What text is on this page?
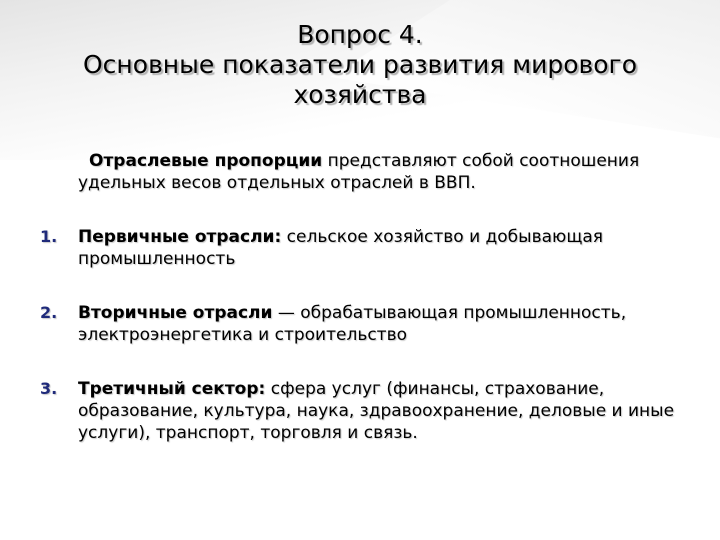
Вопрос 4.
Основные показатели развития мирового
хозяйства

Отраслевые пропорции представляют собой соотношения удельных весов отдельных отраслей в ВВП.

1. Первичные отрасли: сельское хозяйство и добывающая промышленность
2. Вторичные отрасли — обрабатывающая промышленность, электроэнергетика и строительство
3. Третичный сектор: сфера услуг (финансы, страхование, образование, культура, наука, здравоохранение, деловые и иные услуги), транспорт, торговля и связь.
